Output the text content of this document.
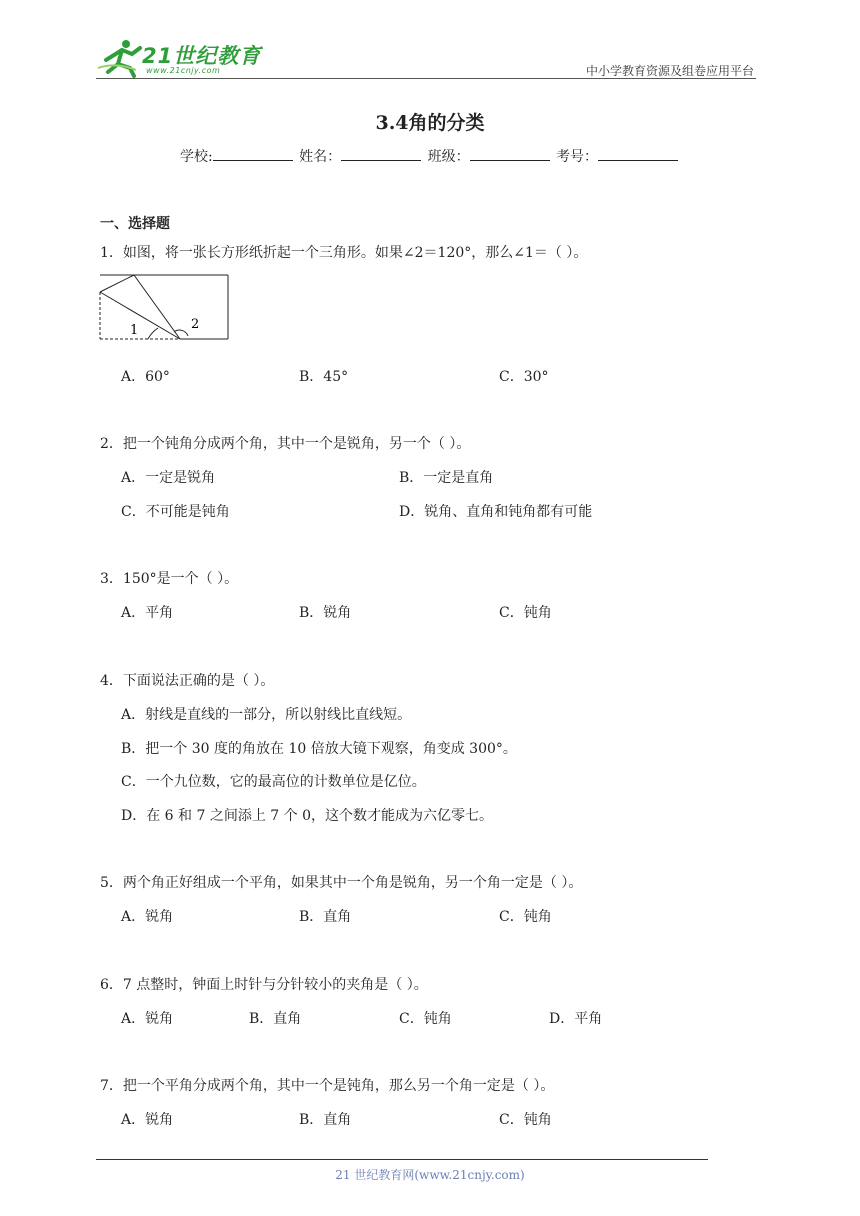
21世纪教育
www.21cnjy.com	中小学教育资源及组卷应用平台
3.4角的分类
学校:	姓名：	班级：	考号：
一、选择题
1．如图，将一张长方形纸折起一个三角形。如果∠2＝120°，那么∠1＝（ ）。
1	2
A．60°	B．45°	C．30°
2．把一个钝角分成两个角，其中一个是锐角，另一个（ ）。
A．一定是锐角	B．一定是直角
C．不可能是钝角	D．锐角、直角和钝角都有可能
3．150°是一个（ ）。
A．平角	B．锐角	C．钝角
4．下面说法正确的是（ ）。
A．射线是直线的一部分，所以射线比直线短。
B．把一个 30 度的角放在 10 倍放大镜下观察，角变成 300°。
C．一个九位数，它的最高位的计数单位是亿位。
D．在 6 和 7 之间添上 7 个 0，这个数才能成为六亿零七。
5．两个角正好组成一个平角，如果其中一个角是锐角，另一个角一定是（ ）。
A．锐角	B．直角	C．钝角
6．7 点整时，钟面上时针与分针较小的夹角是（ ）。
A．锐角	B．直角	C．钝角	D．平角
7．把一个平角分成两个角，其中一个是钝角，那么另一个角一定是（ ）。
A．锐角	B．直角	C．钝角
21 世纪教育网(www.21cnjy.com)
